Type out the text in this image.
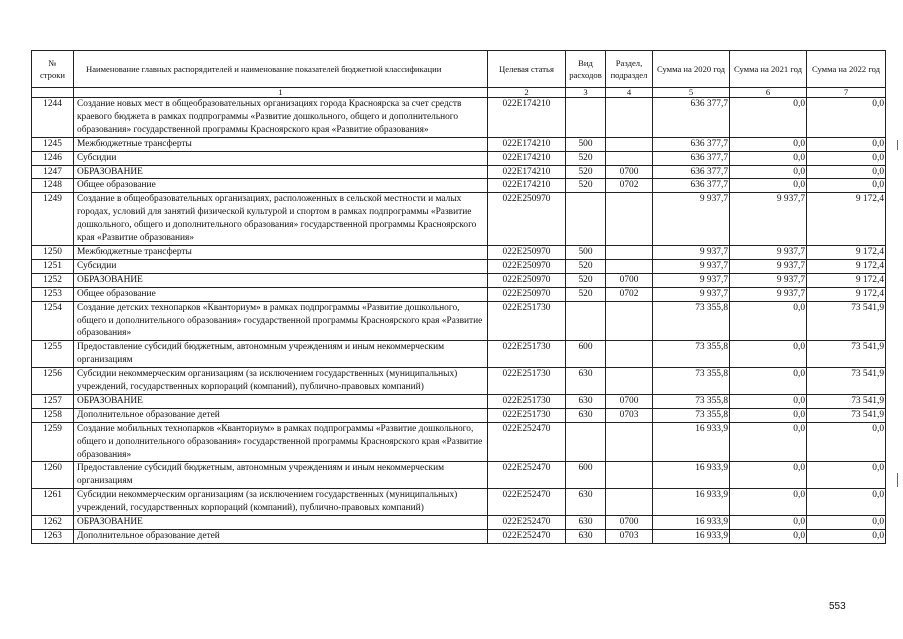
№ строки	Наименование главных распорядителей и наименование показателей бюджетной классификации	Целевая статья	Вид расходов	Раздел, подраздел	Сумма на 2020 год	Сумма на 2021 год	Сумма на 2022 год
	1	2	3	4	5	6	7
1244	Создание новых мест в общеобразовательных организациях города Красноярска за счет средств краевого бюджета в рамках подпрограммы «Развитие дошкольного, общего и дополнительного образования» государственной программы Красноярского края «Развитие образования»	022E174210			636 377,7	0,0	0,0
1245	Межбюджетные трансферты	022E174210	500		636 377,7	0,0	0,0
1246	Субсидии	022E174210	520		636 377,7	0,0	0,0
1247	ОБРАЗОВАНИЕ	022E174210	520	0700	636 377,7	0,0	0,0
1248	Общее образование	022E174210	520	0702	636 377,7	0,0	0,0
1249	Создание в общеобразовательных организациях, расположенных в сельской местности и малых городах, условий для занятий физической культурой и спортом в рамках подпрограммы «Развитие дошкольного, общего и дополнительного образования» государственной программы Красноярского края «Развитие образования»	022E250970			9 937,7	9 937,7	9 172,4
1250	Межбюджетные трансферты	022E250970	500		9 937,7	9 937,7	9 172,4
1251	Субсидии	022E250970	520		9 937,7	9 937,7	9 172,4
1252	ОБРАЗОВАНИЕ	022E250970	520	0700	9 937,7	9 937,7	9 172,4
1253	Общее образование	022E250970	520	0702	9 937,7	9 937,7	9 172,4
1254	Создание детских технопарков «Кванториум» в рамках подпрограммы «Развитие дошкольного, общего и дополнительного образования» государственной программы Красноярского края «Развитие образования»	022E251730			73 355,8	0,0	73 541,9
1255	Предоставление субсидий бюджетным, автономным учреждениям и иным некоммерческим организациям	022E251730	600		73 355,8	0,0	73 541,9
1256	Субсидии некоммерческим организациям (за исключением государственных (муниципальных) учреждений, государственных корпораций (компаний), публично-правовых компаний)	022E251730	630		73 355,8	0,0	73 541,9
1257	ОБРАЗОВАНИЕ	022E251730	630	0700	73 355,8	0,0	73 541,9
1258	Дополнительное образование детей	022E251730	630	0703	73 355,8	0,0	73 541,9
1259	Создание мобильных технопарков «Кванториум» в рамках подпрограммы «Развитие дошкольного, общего и дополнительного образования» государственной программы Красноярского края «Развитие образования»	022E252470			16 933,9	0,0	0,0
1260	Предоставление субсидий бюджетным, автономным учреждениям и иным некоммерческим организациям	022E252470	600		16 933,9	0,0	0,0
1261	Субсидии некоммерческим организациям (за исключением государственных (муниципальных) учреждений, государственных корпораций (компаний), публично-правовых компаний)	022E252470	630		16 933,9	0,0	0,0
1262	ОБРАЗОВАНИЕ	022E252470	630	0700	16 933,9	0,0	0,0
1263	Дополнительное образование детей	022E252470	630	0703	16 933,9	0,0	0,0
553
